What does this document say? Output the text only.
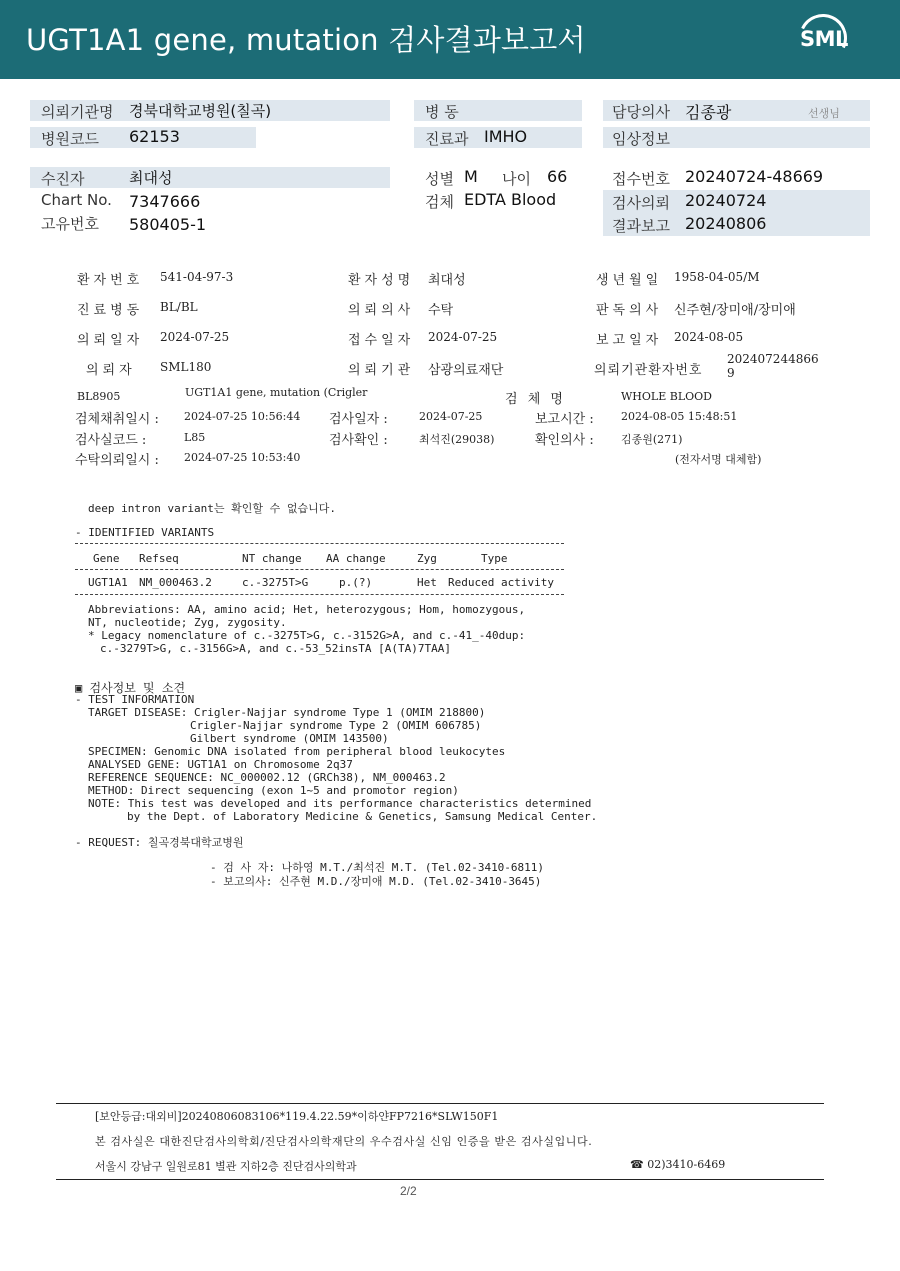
UGT1A1 gene, mutation 검사결과보고서	SML
의뢰기관명 경북대학교병원(칠곡)
병원코드 62153
병 동
진료과 IMHO
담당의사 김종광	선생님
임상정보
수진자	최대성
Chart No. 7347666
고유번호 580405-1
성별 M 나이 66
검체 EDTA Blood
접수번호 20240724-48669
검사의뢰 20240724
결과보고 20240806
환자번호 541-04-97-3	환자성명 최대성	생년월일 1958-04-05/M
진료병동 BL/BL	의뢰의사 수탁	판독의사 신주현/장미애/장미애
의뢰일자 2024-07-25	접수일자 2024-07-25	보고일자 2024-08-05
의뢰자 SML180	의뢰기관 삼광의료재단	의뢰기관환자번호
202407244866
9
BL8905	UGT1A1 gene, mutation (Crigler	검 체 명	WHOLE BLOOD
검체채취일시 : 2024-07-25 10:56:44 검사일자 :	2024-07-25	보고시간 : 2024-08-05 15:48:51
검사실코드 :	L85	검사확인 :	최석진(29038)	확인의사 : 김종원(271)
수탁의뢰일시 : 2024-07-25 10:53:40	(전자서명 대체함)
deep intron variant는 확인할 수 없습니다.
- IDENTIFIED VARIANTS
Gene Refseq	NT change AA change	Zyg	Type
UGT1A1 NM_000463.2	c.-3275T>G	p.(?)	Het Reduced activity
Abbreviations: AA, amino acid; Het, heterozygous; Hom, homozygous,
NT, nucleotide; Zyg, zygosity.
* Legacy nomenclature of c.-3275T>G, c.-3152G>A, and c.-41_-40dup:
c.-3279T>G, c.-3156G>A, and c.-53_52insTA [A(TA)7TAA]
▣ 검사정보 및 소견
- TEST INFORMATION
TARGET DISEASE: Crigler-Najjar syndrome Type 1 (OMIM 218800)
Crigler-Najjar syndrome Type 2 (OMIM 606785)
Gilbert syndrome (OMIM 143500)
SPECIMEN: Genomic DNA isolated from peripheral blood leukocytes
ANALYSED GENE: UGT1A1 on Chromosome 2q37
REFERENCE SEQUENCE: NC_000002.12 (GRCh38), NM_000463.2
METHOD: Direct sequencing (exon 1~5 and promotor region)
NOTE: This test was developed and its performance characteristics determined
by the Dept. of Laboratory Medicine & Genetics, Samsung Medical Center.
- REQUEST: 칠곡경북대학교병원
- 검 사 자: 나하영 M.T./최석진 M.T. (Tel.02-3410-6811)
- 보고의사: 신주현 M.D./장미애 M.D. (Tel.02-3410-3645)
[보안등급:대외비]20240806083106*119.4.22.59*이하얀FP7216*SLW150F1
본 검사실은 대한진단검사의학회/진단검사의학재단의 우수검사실 신임 인증을 받은 검사실입니다.
서울시 강남구 일원로81 별관 지하2층 진단검사의학과	☎ 02)3410-6469
2/2
